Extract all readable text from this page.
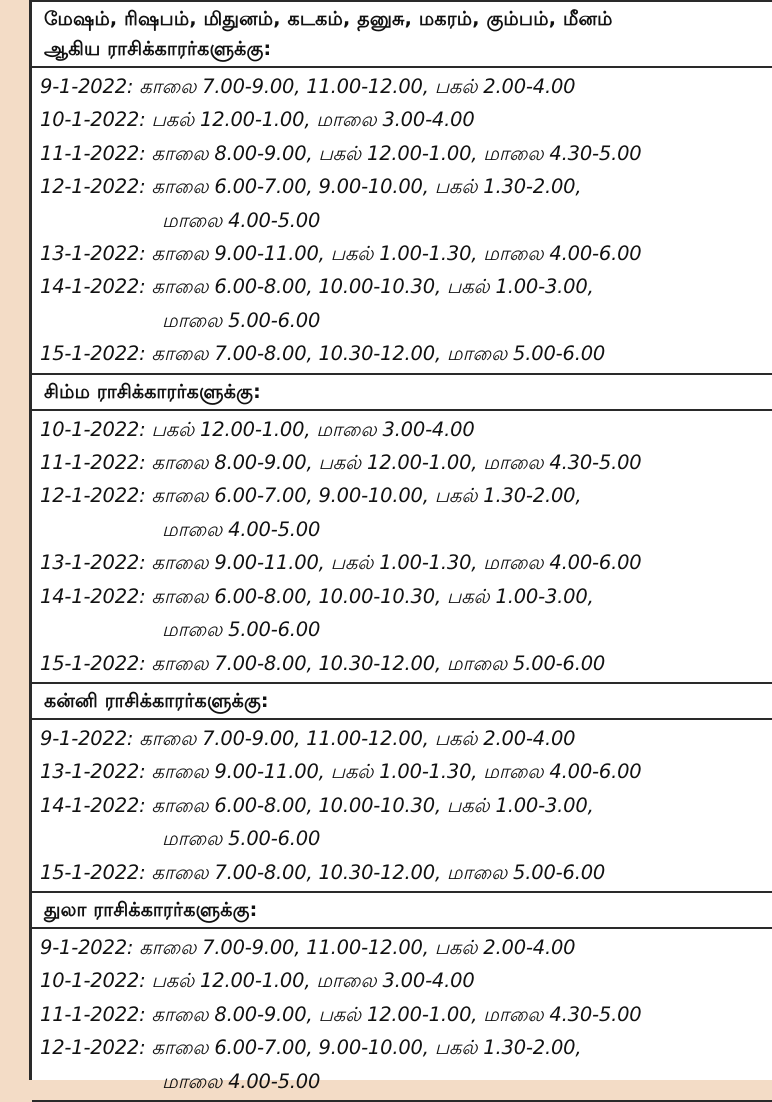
மேஷம், ரிஷபம், மிதுனம், கடகம், தனுசு, மகரம், கும்பம், மீனம்
ஆகிய ராசிக்காரர்களுக்கு:
9-1-2022: காலை 7.00-9.00, 11.00-12.00, பகல் 2.00-4.00
10-1-2022: பகல் 12.00-1.00, மாலை 3.00-4.00
11-1-2022: காலை 8.00-9.00, பகல் 12.00-1.00, மாலை 4.30-5.00
12-1-2022: காலை 6.00-7.00, 9.00-10.00, பகல் 1.30-2.00,
மாலை 4.00-5.00
13-1-2022: காலை 9.00-11.00, பகல் 1.00-1.30, மாலை 4.00-6.00
14-1-2022: காலை 6.00-8.00, 10.00-10.30, பகல் 1.00-3.00,
மாலை 5.00-6.00
15-1-2022: காலை 7.00-8.00, 10.30-12.00, மாலை 5.00-6.00
சிம்ம ராசிக்காரர்களுக்கு:
10-1-2022: பகல் 12.00-1.00, மாலை 3.00-4.00
11-1-2022: காலை 8.00-9.00, பகல் 12.00-1.00, மாலை 4.30-5.00
12-1-2022: காலை 6.00-7.00, 9.00-10.00, பகல் 1.30-2.00,
மாலை 4.00-5.00
13-1-2022: காலை 9.00-11.00, பகல் 1.00-1.30, மாலை 4.00-6.00
14-1-2022: காலை 6.00-8.00, 10.00-10.30, பகல் 1.00-3.00,
மாலை 5.00-6.00
15-1-2022: காலை 7.00-8.00, 10.30-12.00, மாலை 5.00-6.00
கன்னி ராசிக்காரர்களுக்கு:
9-1-2022: காலை 7.00-9.00, 11.00-12.00, பகல் 2.00-4.00
13-1-2022: காலை 9.00-11.00, பகல் 1.00-1.30, மாலை 4.00-6.00
14-1-2022: காலை 6.00-8.00, 10.00-10.30, பகல் 1.00-3.00,
மாலை 5.00-6.00
15-1-2022: காலை 7.00-8.00, 10.30-12.00, மாலை 5.00-6.00
துலா ராசிக்காரர்களுக்கு:
9-1-2022: காலை 7.00-9.00, 11.00-12.00, பகல் 2.00-4.00
10-1-2022: பகல் 12.00-1.00, மாலை 3.00-4.00
11-1-2022: காலை 8.00-9.00, பகல் 12.00-1.00, மாலை 4.30-5.00
12-1-2022: காலை 6.00-7.00, 9.00-10.00, பகல் 1.30-2.00,
மாலை 4.00-5.00
